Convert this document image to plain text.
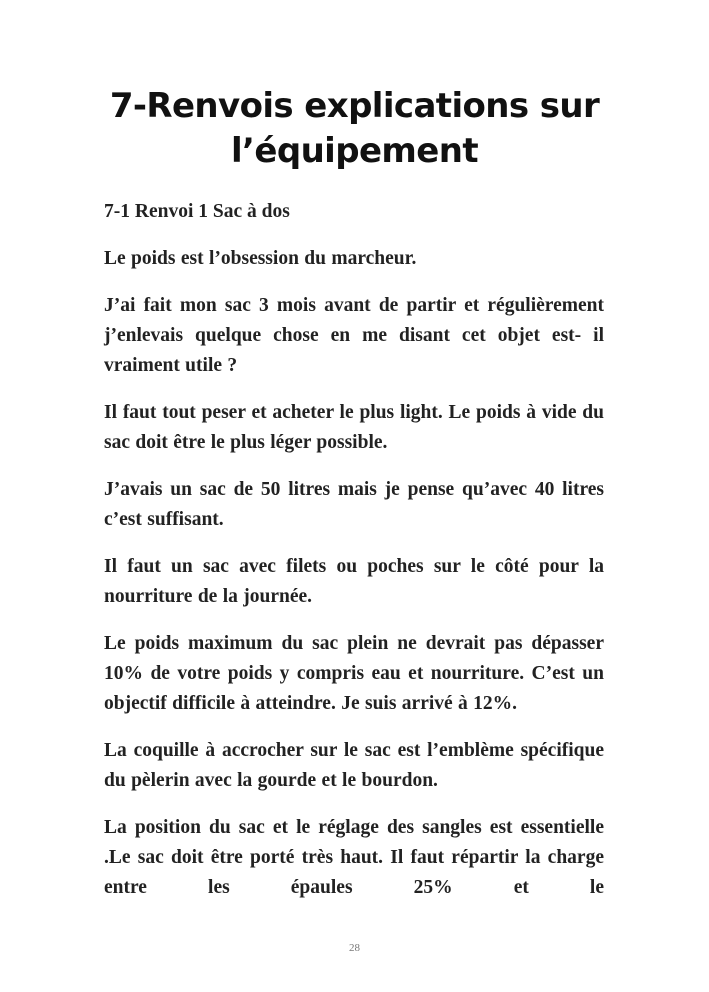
7-Renvois explications sur l’équipement

7-1 Renvoi 1 Sac à dos

Le poids est l’obsession du marcheur.

J’ai fait mon sac 3 mois avant de partir et régulièrement j’enlevais quelque chose en me disant cet objet est- il vraiment utile ?

Il faut tout peser et acheter le plus light. Le poids à vide du sac doit être le plus léger possible.

J’avais un sac de 50 litres mais je pense qu’avec 40 litres c’est suffisant.

Il faut un sac avec filets ou poches sur le côté pour la nourriture de la journée.

Le poids maximum du sac plein ne devrait pas dépasser 10% de votre poids y compris eau et nourriture. C’est un objectif difficile à atteindre. Je suis arrivé à 12%.

La coquille à accrocher sur le sac est l’emblème spécifique du pèlerin avec la gourde et le bourdon.

La position du sac et le réglage des sangles est essentielle .Le sac doit être porté très haut. Il faut répartir la charge entre les épaules 25% et le

28
